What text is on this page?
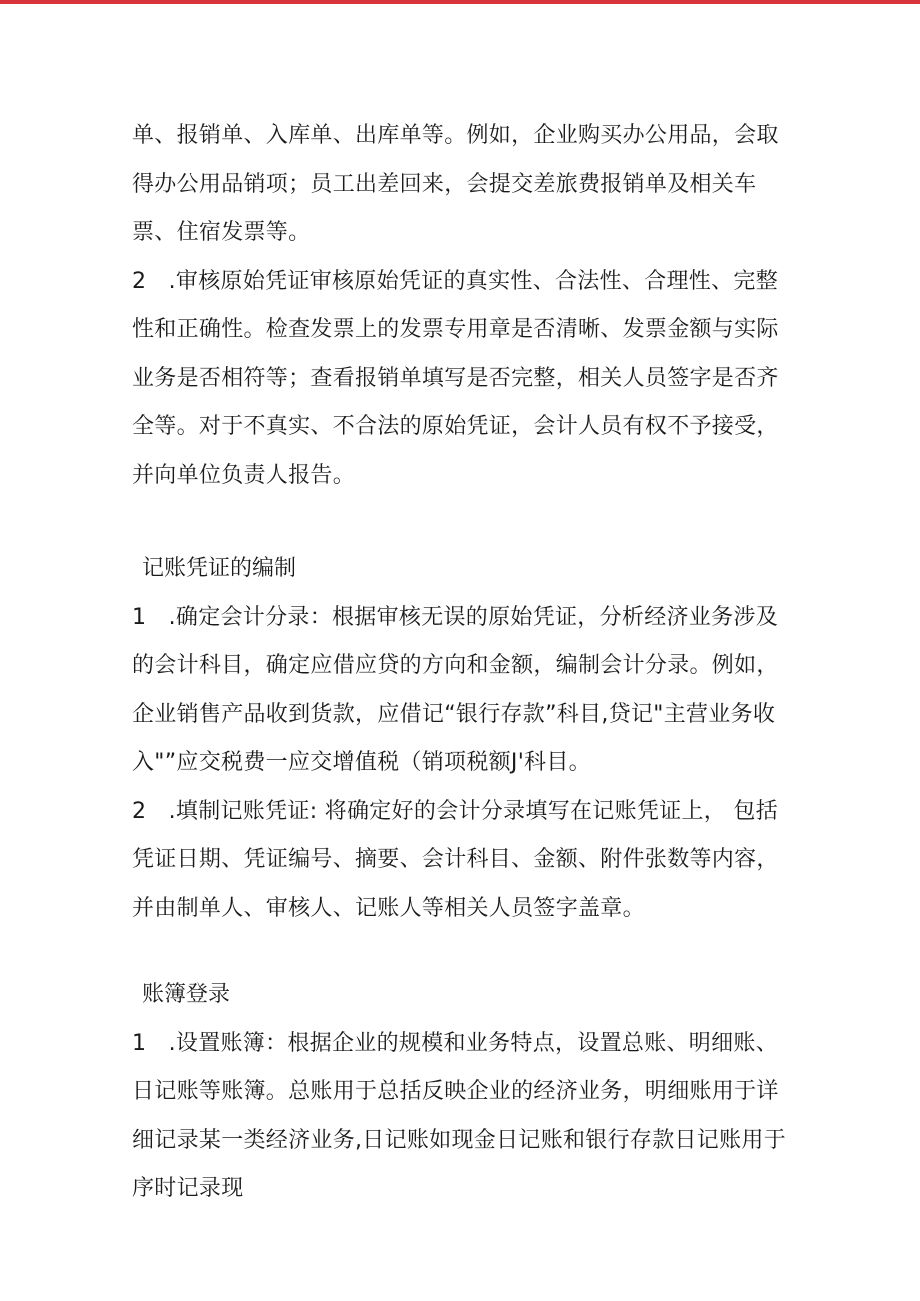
单、报销单、入库单、出库单等。例如，企业购买办公用品，会取得办公用品销项；员工出差回来，会提交差旅费报销单及相关车票、住宿发票等。

2　.审核原始凭证审核原始凭证的真实性、合法性、合理性、完整性和正确性。检查发票上的发票专用章是否清晰、发票金额与实际业务是否相符等；查看报销单填写是否完整，相关人员签字是否齐全等。对于不真实、不合法的原始凭证，会计人员有权不予接受，并向单位负责人报告。

记账凭证的编制

1　.确定会计分录：根据审核无误的原始凭证，分析经济业务涉及的会计科目，确定应借应贷的方向和金额，编制会计分录。例如，企业销售产品收到货款，应借记“银行存款”科目,贷记"主营业务收入"”应交税费一应交增值税（销项税额J'科目。

2　.填制记账凭证: 将确定好的会计分录填写在记账凭证上， 包括凭证日期、凭证编号、摘要、会计科目、金额、附件张数等内容，并由制单人、审核人、记账人等相关人员签字盖章。

账簿登录

1　.设置账簿：根据企业的规模和业务特点，设置总账、明细账、日记账等账簿。总账用于总括反映企业的经济业务，明细账用于详细记录某一类经济业务,日记账如现金日记账和银行存款日记账用于序时记录现
